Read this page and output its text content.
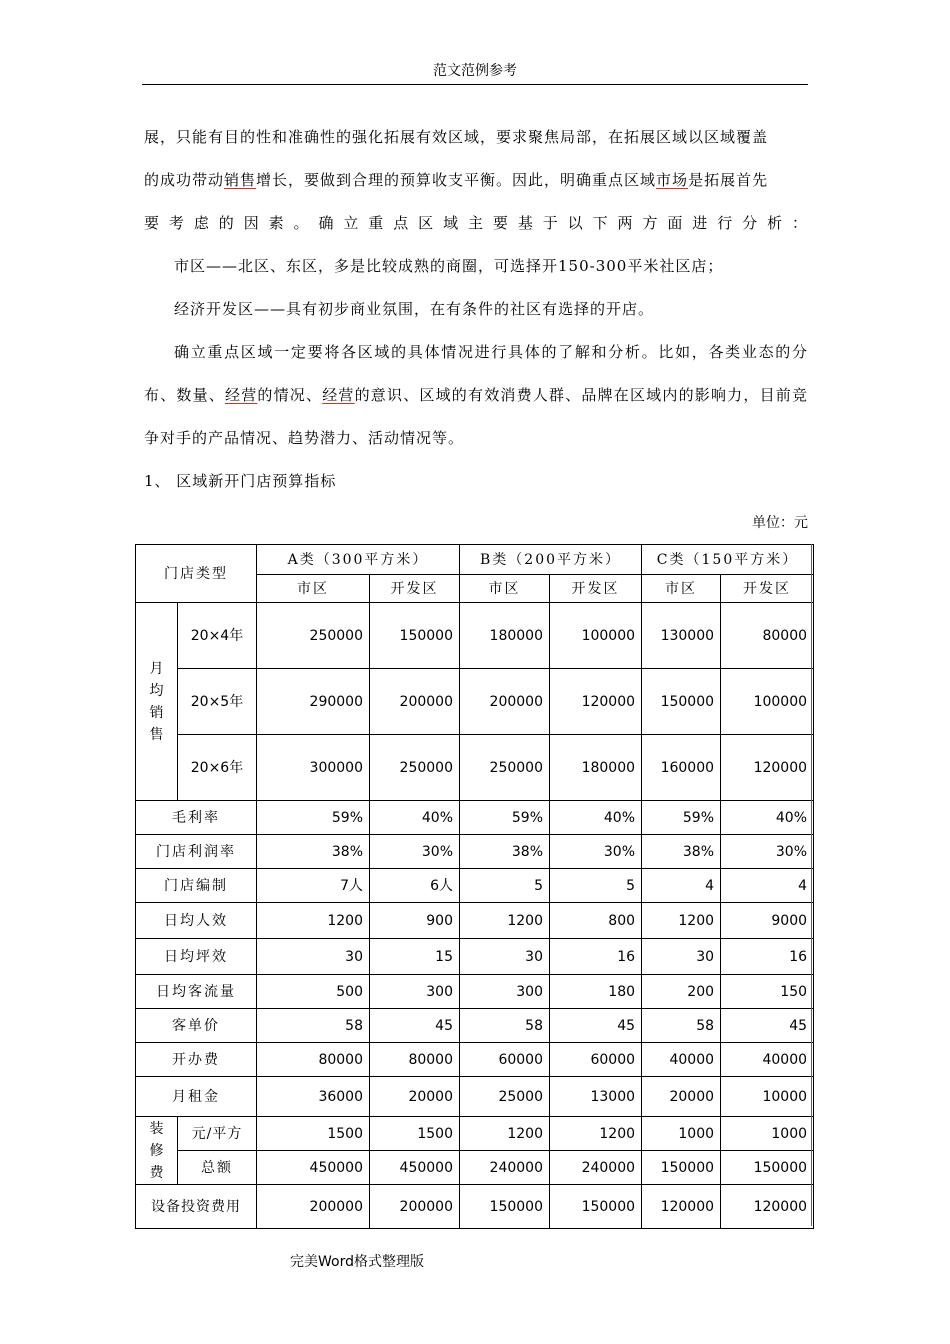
范文范例参考
展，只能有目的性和准确性的强化拓展有效区域，要求聚焦局部，在拓展区域以区域覆盖
的成功带动销售增长，要做到合理的预算收支平衡。因此，明确重点区域市场是拓展首先
要考虑的因素。确立重点区域主要基于以下两方面进行分析：
市区——北区、东区，多是比较成熟的商圈，可选择开150-300平米社区店；
经济开发区——具有初步商业氛围，在有条件的社区有选择的开店。
确立重点区域一定要将各区域的具体情况进行具体的了解和分析。比如，各类业态的分布、数量、经营的情况、经营的意识、区域的有效消费人群、品牌在区域内的影响力，目前竞争对手的产品情况、趋势潜力、活动情况等。
1、 区域新开门店预算指标
单位：元
门店类型		A类（300平方米）		B类（200平方米）		C类（150平方米）	
		市区	开发区	市区	开发区	市区	开发区

月均销售	20×4年	250000	150000	180000	100000	130000	80000
	20×5年	290000	200000	200000	120000	150000	100000
	20×6年	300000	250000	250000	180000	160000	120000
毛利率		59%	40%	59%	40%	59%	40%
门店利润率		38%	30%	38%	30%	38%	30%
门店编制		7人	6人	5	5	4	4
日均人效		1200	900	1200	800	1200	9000
日均坪效		30	15	30	16	30	16
日均客流量		500	300	300	180	200	150
客单价		58	45	58	45	58	45
开办费		80000	80000	60000	60000	40000	40000
月租金		36000	20000	25000	13000	20000	10000

装修费	元/平方	1500	1500	1200	1200	1000	1000
	总额	450000	450000	240000	240000	150000	150000
设备投资费用		200000	200000	150000	150000	120000	120000
完美Word格式整理版
